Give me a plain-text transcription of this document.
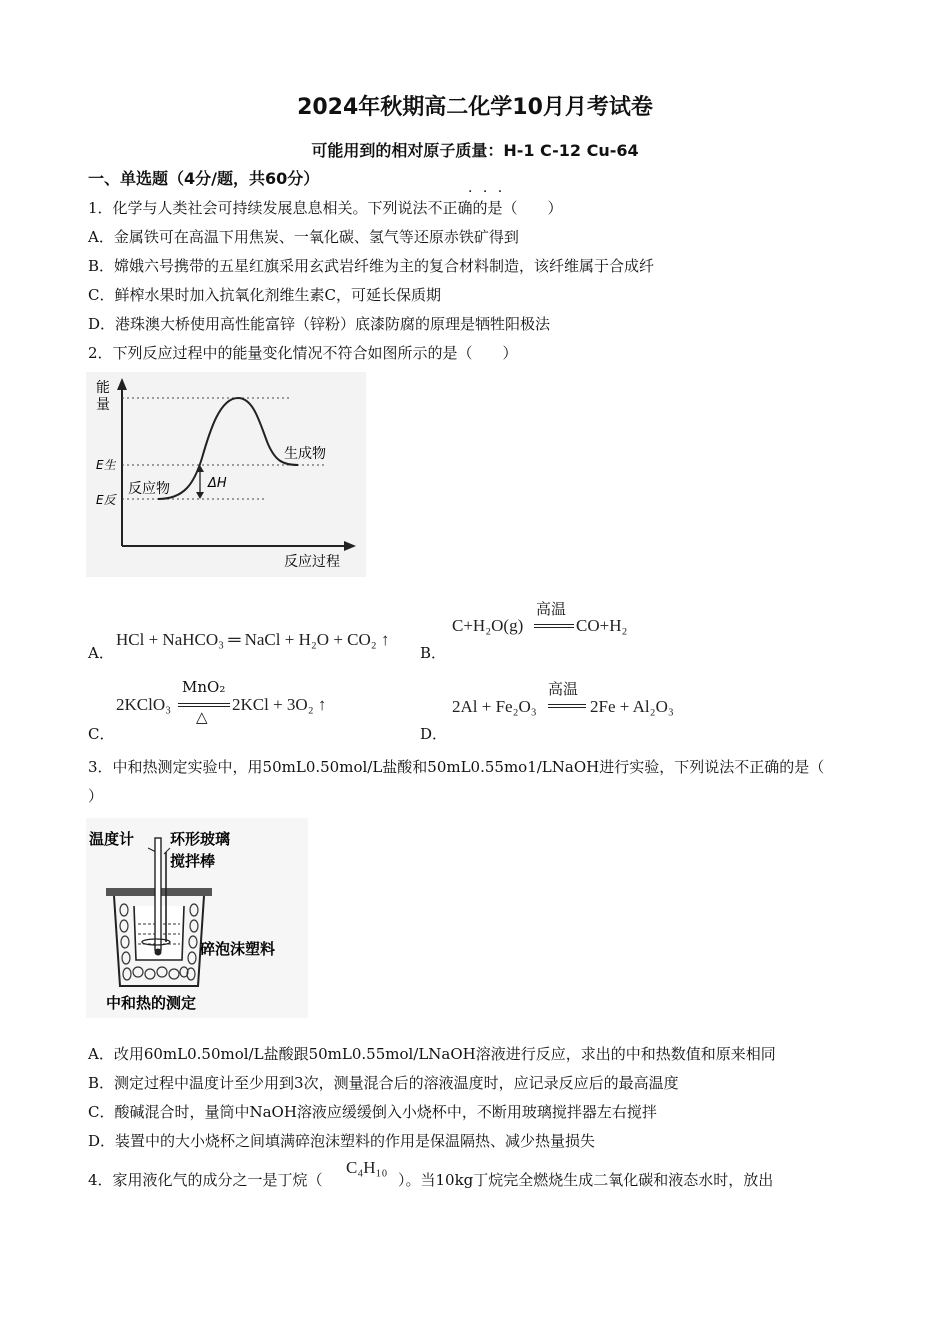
2024年秋期高二化学10月月考试卷
可能用到的相对原子质量：H-1 C-12 Cu-64
一、单选题（4分/题，共60分）
· · ·
1．化学与人类社会可持续发展息息相关。下列说法不正确的是（　　）
A．金属铁可在高温下用焦炭、一氧化碳、氢气等还原赤铁矿得到
B．嫦娥六号携带的五星红旗采用玄武岩纤维为主的复合材料制造，该纤维属于合成纤
C．鲜榨水果时加入抗氧化剂维生素C，可延长保质期
D．港珠澳大桥使用高性能富锌（锌粉）底漆防腐的原理是牺牲阳极法
2．下列反应过程中的能量变化情况不符合如图所示的是（　　）
能
量
E生
E反
ΔH
生成物
反应物
反应过程
A．
HCl + NaHCO₃ ═ NaCl + H₂O + CO₂ ↑
B．
C+H₂O(g)
高温
CO+H₂
C．
2KClO₃
MnO₂
△
2KCl + 3O₂ ↑
D．
2Al + Fe₂O₃
高温
2Fe + Al₂O₃
3．中和热测定实验中，用50mL0.50mol/L盐酸和50mL0.55mo1/LNaOH进行实验，下列说法不正确的是（
）
温度计 环形玻璃
搅拌棒
碎泡沫塑料
中和热的测定
A．改用60mL0.50mol/L盐酸跟50mL0.55mol/LNaOH溶液进行反应，求出的中和热数值和原来相同
B．测定过程中温度计至少用到3次，测量混合后的溶液温度时，应记录反应后的最高温度
C．酸碱混合时，量筒中NaOH溶液应缓缓倒入小烧杯中，不断用玻璃搅拌器左右搅拌
D．装置中的大小烧杯之间填满碎泡沫塑料的作用是保温隔热、减少热量损失
4．家用液化气的成分之一是丁烷（
C₄H₁₀
）。当10kg丁烷完全燃烧生成二氧化碳和液态水时，放出
